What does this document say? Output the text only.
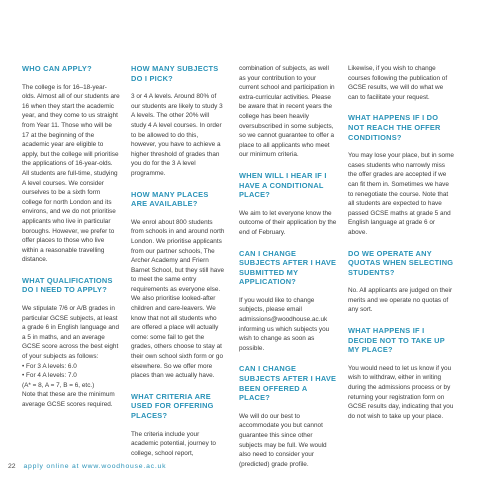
WHO CAN APPLY?

The college is for 16–18-year-olds. Almost all of our students are 16 when they start the academic year, and they come to us straight from Year 11. Those who will be 17 at the beginning of the academic year are eligible to apply, but the college will prioritise the applications of 16-year-olds. All students are full-time, studying A level courses. We consider ourselves to be a sixth form college for north London and its environs, and we do not prioritise applicants who live in particular boroughs. However, we prefer to offer places to those who live within a reasonable travelling distance.

WHAT QUALIFICATIONS DO I NEED TO APPLY?

We stipulate 7/6 or A/B grades in particular GCSE subjects, at least a grade 6 in English language and a 5 in maths, and an average GCSE score across the best eight of your subjects as follows:

• For 3 A levels: 6.0
• For 4 A levels: 7.0
(A* = 8, A = 7, B = 6, etc.)

Note that these are the minimum average GCSE scores required.

HOW MANY SUBJECTS DO I PICK?

3 or 4 A levels. Around 80% of our students are likely to study 3 A levels. The other 20% will study 4 A level courses. In order to be allowed to do this, however, you have to achieve a higher threshold of grades than you do for the 3 A level programme.

HOW MANY PLACES ARE AVAILABLE?

We enrol about 800 students from schools in and around north London. We prioritise applicants from our partner schools, The Archer Academy and Friern Barnet School, but they still have to meet the same entry requirements as everyone else. We also prioritise looked-after children and care-leavers. We know that not all students who are offered a place will actually come: some fail to get the grades, others choose to stay at their own school sixth form or go elsewhere. So we offer more places than we actually have.

WHAT CRITERIA ARE USED FOR OFFERING PLACES?

The criteria include your academic potential, journey to college, school report,

combination of subjects, as well as your contribution to your current school and participation in extra-curricular activities. Please be aware that in recent years the college has been heavily oversubscribed in some subjects, so we cannot guarantee to offer a place to all applicants who meet our minimum criteria.

WHEN WILL I HEAR IF I HAVE A CONDITIONAL PLACE?

We aim to let everyone know the outcome of their application by the end of February.

CAN I CHANGE SUBJECTS AFTER I HAVE SUBMITTED MY APPLICATION?

If you would like to change subjects, please email admissions@woodhouse.ac.uk informing us which subjects you wish to change as soon as possible.

CAN I CHANGE SUBJECTS AFTER I HAVE BEEN OFFERED A PLACE?

We will do our best to accommodate you but cannot guarantee this since other subjects may be full. We would also need to consider your (predicted) grade profile.

Likewise, if you wish to change courses following the publication of GCSE results, we will do what we can to facilitate your request.

WHAT HAPPENS IF I DO NOT REACH THE OFFER CONDITIONS?

You may lose your place, but in some cases students who narrowly miss the offer grades are accepted if we can fit them in. Sometimes we have to renegotiate the course. Note that all students are expected to have passed GCSE maths at grade 5 and English language at grade 6 or above.

DO WE OPERATE ANY QUOTAS WHEN SELECTING STUDENTS?

No. All applicants are judged on their merits and we operate no quotas of any sort.

WHAT HAPPENS IF I DECIDE NOT TO TAKE UP MY PLACE?

You would need to let us know if you wish to withdraw, either in writing during the admissions process or by returning your registration form on GCSE results day, indicating that you do not wish to take up your place.

22 apply online at www.woodhouse.ac.uk
